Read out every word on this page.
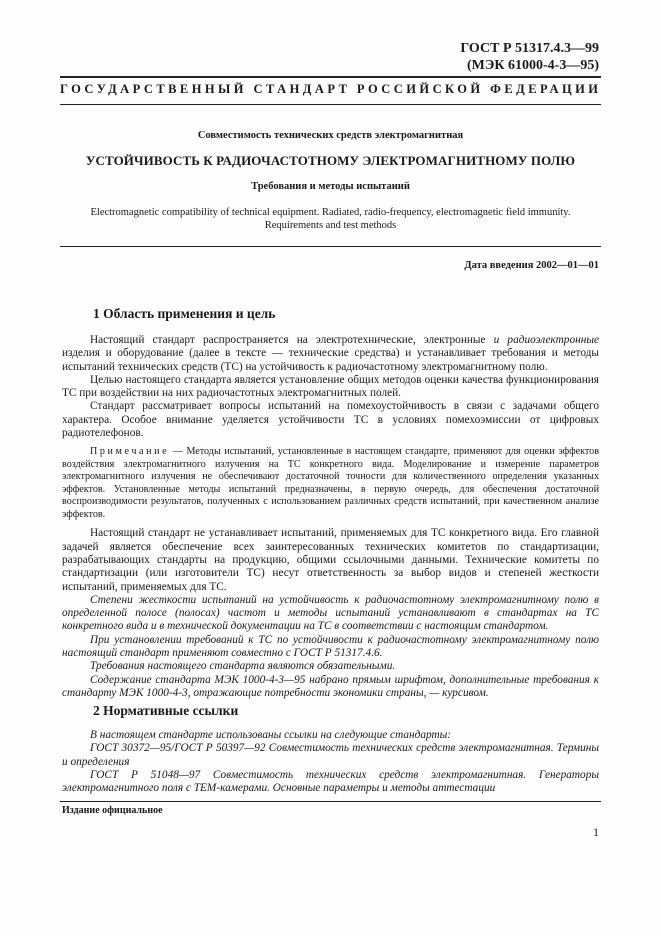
ГОСТ Р 51317.4.3—99
(МЭК 61000-4-3—95)
ГОСУДАРСТВЕННЫЙ СТАНДАРТ РОССИЙСКОЙ ФЕДЕРАЦИИ
Совместимость технических средств электромагнитная
УСТОЙЧИВОСТЬ К РАДИОЧАСТОТНОМУ ЭЛЕКТРОМАГНИТНОМУ ПОЛЮ
Требования и методы испытаний
Electromagnetic compatibility of technical equipment. Radiated, radio-frequency, electromagnetic field immunity.
Requirements and test methods
Дата введения 2002—01—01
1 Область применения и цель

Настоящий стандарт распространяется на электротехнические, электронные и радиоэлектронные изделия и оборудование (далее в тексте — технические средства) и устанавливает требования и методы испытаний технических средств (ТС) на устойчивость к радиочастотному электромагнитному полю.

Целью настоящего стандарта является установление общих методов оценки качества функционирования ТС при воздействии на них радиочастотных электромагнитных полей.

Стандарт рассматривает вопросы испытаний на помехоустойчивость в связи с задачами общего характера. Особое внимание уделяется устойчивости ТС в условиях помехоэмиссии от цифровых радиотелефонов.

Примечание — Методы испытаний, установленные в настоящем стандарте, применяют для оценки эффектов воздействия электромагнитного излучения на ТС конкретного вида. Моделирование и измерение параметров электромагнитного излучения не обеспечивают достаточной точности для количественного определения указанных эффектов. Установленные методы испытаний предназначены, в первую очередь, для обеспечения достаточной воспроизводимости результатов, полученных с использованием различных средств испытаний, при качественном анализе эффектов.

Настоящий стандарт не устанавливает испытаний, применяемых для ТС конкретного вида. Его главной задачей является обеспечение всех заинтересованных технических комитетов по стандартизации, разрабатывающих стандарты на продукцию, общими ссылочными данными. Технические комитеты по стандартизации (или изготовители ТС) несут ответственность за выбор видов и степеней жесткости испытаний, применяемых для ТС.

Степени жесткости испытаний на устойчивость к радиочастотному электромагнитному полю в определенной полосе (полосах) частот и методы испытаний устанавливают в стандартах на ТС конкретного вида и в технической документации на ТС в соответствии с настоящим стандартом.

При установлении требований к ТС по устойчивости к радиочастотному электромагнитному полю настоящий стандарт применяют совместно с ГОСТ Р 51317.4.6.

Требования настоящего стандарта являются обязательными.

Содержание стандарта МЭК 1000-4-3—95 набрано прямым шрифтом, дополнительные требования к стандарту МЭК 1000-4-3, отражающие потребности экономики страны, — курсивом.

2 Нормативные ссылки

В настоящем стандарте использованы ссылки на следующие стандарты:

ГОСТ 30372—95/ГОСТ Р 50397—92 Совместимость технических средств электромагнитная. Термины и определения

ГОСТ Р 51048—97 Совместимость технических средств электромагнитная. Генераторы электромагнитного поля с ТЕМ-камерами. Основные параметры и методы аттестации

Издание официальное
1
